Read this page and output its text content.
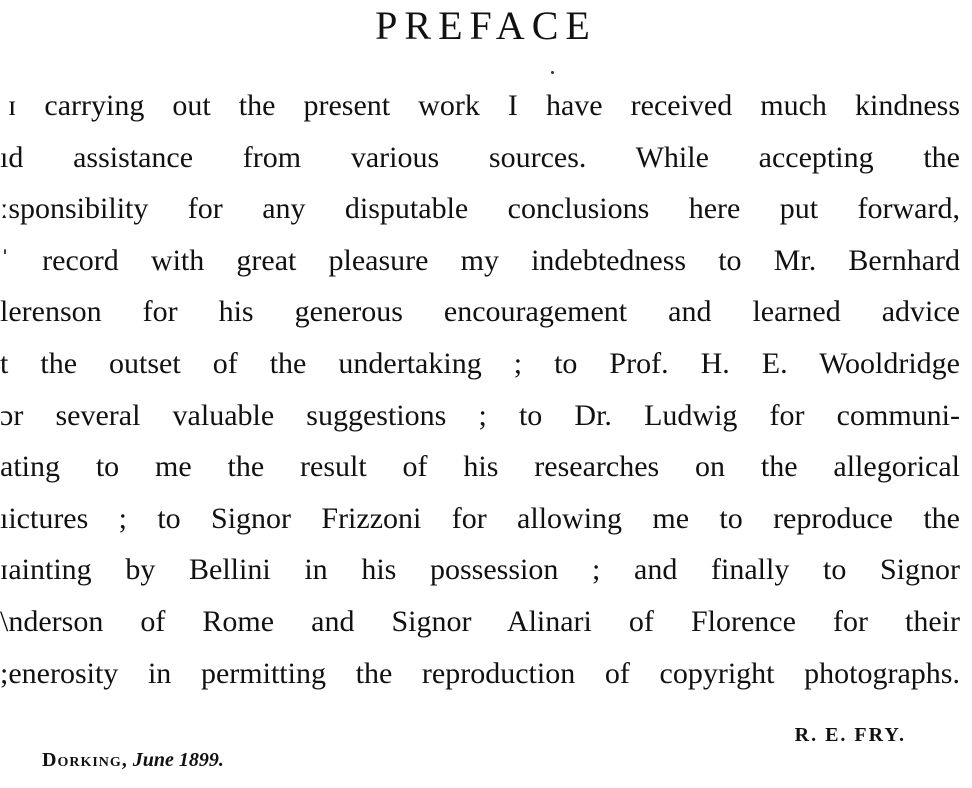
PREFACE
ɪ carrying out the present work I have received much kindness
ıd assistance from various sources. While accepting the
ːsponsibility for any disputable conclusions here put forward,
ˈ record with great pleasure my indebtedness to Mr. Bernhard
lerenson for his generous encouragement and learned advice
t the outset of the undertaking ; to Prof. H. E. Wooldridge
ɔr several valuable suggestions ; to Dr. Ludwig for communi-
ating to me the result of his researches on the allegorical
ıictures ; to Signor Frizzoni for allowing me to reproduce the
ɪainting by Bellini in his possession ; and finally to Signor
\nderson of Rome and Signor Alinari of Florence for their
;enerosity in permitting the reproduction of copyright photographs.
R. E. FRY.
Dorking, June 1899.
